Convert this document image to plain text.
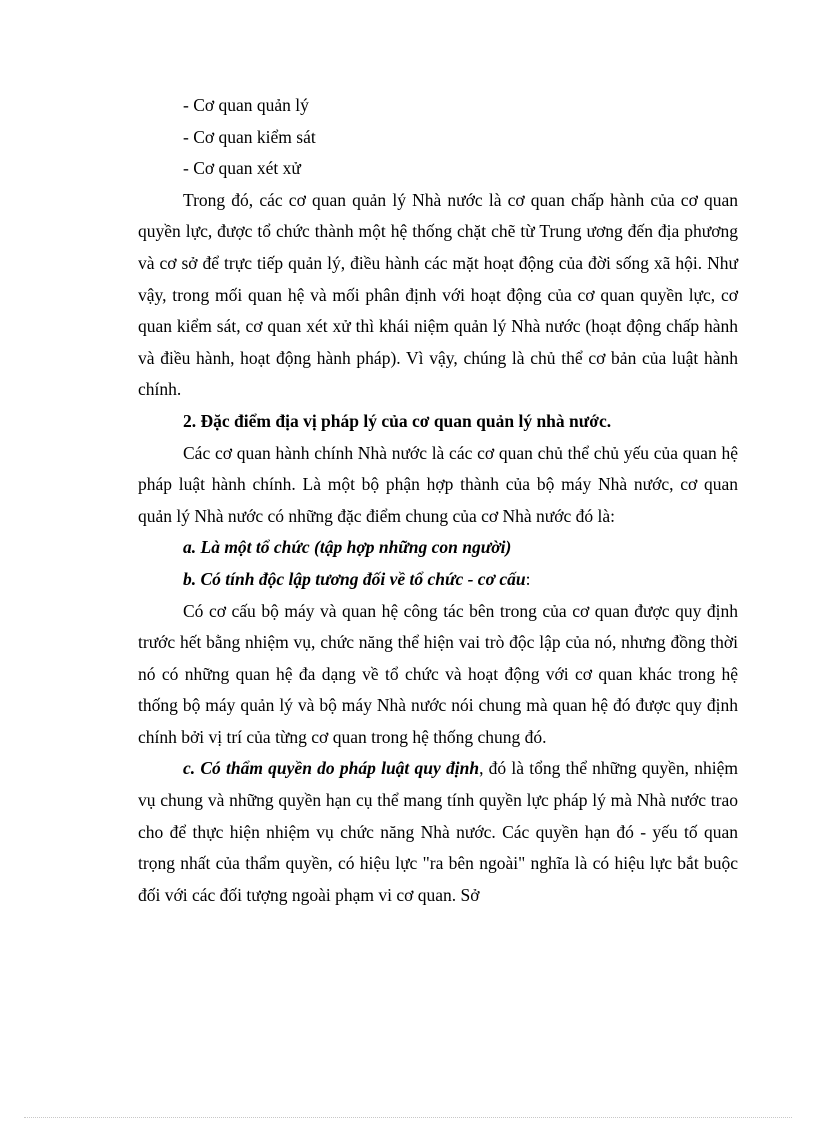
- Cơ quan quản lý

- Cơ quan kiểm sát

- Cơ quan xét xử

Trong đó, các cơ quan quản lý Nhà nước là cơ quan chấp hành của cơ quan quyền lực, được tổ chức thành một hệ thống chặt chẽ từ Trung ương đến địa phương và cơ sở để trực tiếp quản lý, điều hành các mặt hoạt động của đời sống xã hội. Như vậy, trong mối quan hệ và mối phân định với hoạt động của cơ quan quyền lực, cơ quan kiểm sát, cơ quan xét xử thì khái niệm quản lý Nhà nước (hoạt động chấp hành và điều hành, hoạt động hành pháp). Vì vậy, chúng là chủ thể cơ bản của luật hành chính.

2. Đặc điểm địa vị pháp lý của cơ quan quản lý nhà nước.

Các cơ quan hành chính Nhà nước là các cơ quan chủ thể chủ yếu của quan hệ pháp luật hành chính. Là một bộ phận hợp thành của bộ máy Nhà nước, cơ quan quản lý Nhà nước có những đặc điểm chung của cơ Nhà nước đó là:

a. Là một tổ chức (tập hợp những con người)

b. Có tính độc lập tương đối về tổ chức - cơ cấu:

Có cơ cấu bộ máy và quan hệ công tác bên trong của cơ quan được quy định trước hết bằng nhiệm vụ, chức năng thể hiện vai trò độc lập của nó, nhưng đồng thời nó có những quan hệ đa dạng về tổ chức và hoạt động với cơ quan khác trong hệ thống bộ máy quản lý và bộ máy Nhà nước nói chung mà quan hệ đó được quy định chính bởi vị trí của từng cơ quan trong hệ thống chung đó.

c. Có thẩm quyền do pháp luật quy định, đó là tổng thể những quyền, nhiệm vụ chung và những quyền hạn cụ thể mang tính quyền lực pháp lý mà Nhà nước trao cho để thực hiện nhiệm vụ chức năng Nhà nước. Các quyền hạn đó - yếu tố quan trọng nhất của thẩm quyền, có hiệu lực "ra bên ngoài" nghĩa là có hiệu lực bắt buộc đối với các đối tượng ngoài phạm vi cơ quan. Sở
